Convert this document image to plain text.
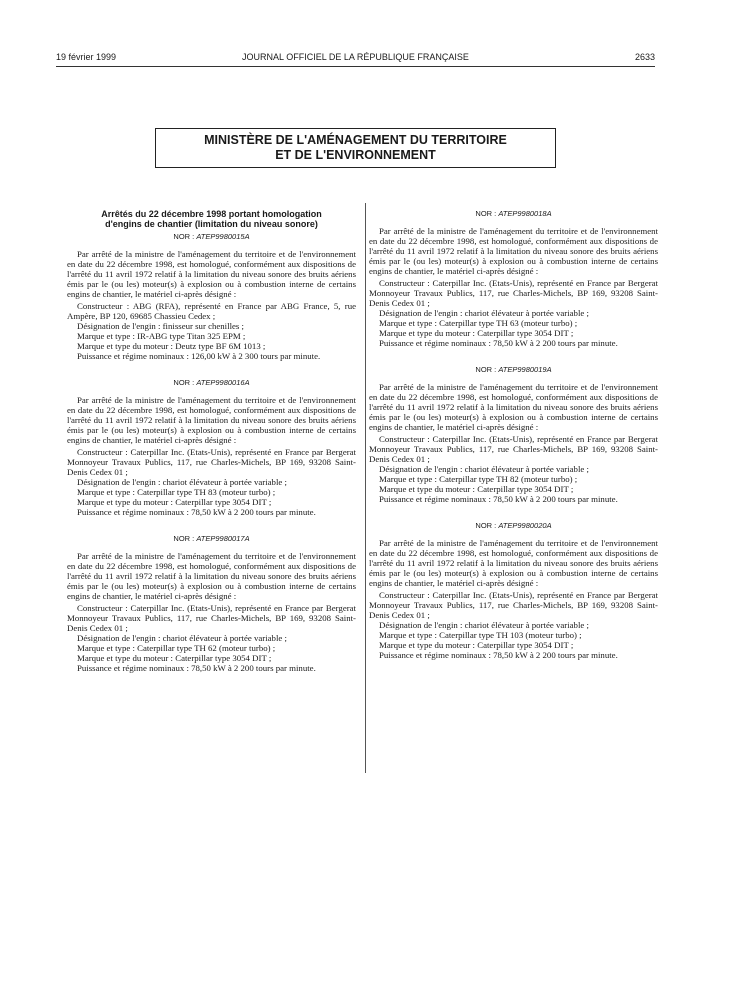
19 février 1999	JOURNAL OFFICIEL DE LA RÉPUBLIQUE FRANÇAISE	2633
MINISTÈRE DE L'AMÉNAGEMENT DU TERRITOIRE
ET DE L'ENVIRONNEMENT
Arrêtés du 22 décembre 1998 portant homologation
d'engins de chantier (limitation du niveau sonore)
NOR : ATEP9980015A

Par arrêté de la ministre de l'aménagement du territoire et de l'environnement en date du 22 décembre 1998, est homologué, conformément aux dispositions de l'arrêté du 11 avril 1972 relatif à la limitation du niveau sonore des bruits aériens émis par le (ou les) moteur(s) à explosion ou à combustion interne de certains engins de chantier, le matériel ci-après désigné :

Constructeur : ABG (RFA), représenté en France par ABG France, 5, rue Ampère, BP 120, 69685 Chassieu Cedex ;

Désignation de l'engin : finisseur sur chenilles ;

Marque et type : IR-ABG type Titan 325 EPM ;

Marque et type du moteur : Deutz type BF 6M 1013 ;

Puissance et régime nominaux : 126,00 kW à 2 300 tours par minute.

NOR : ATEP9980016A

Par arrêté de la ministre de l'aménagement du territoire et de l'environnement en date du 22 décembre 1998, est homologué, conformément aux dispositions de l'arrêté du 11 avril 1972 relatif à la limitation du niveau sonore des bruits aériens émis par le (ou les) moteur(s) à explosion ou à combustion interne de certains engins de chantier, le matériel ci-après désigné :

Constructeur : Caterpillar Inc. (Etats-Unis), représenté en France par Bergerat Monnoyeur Travaux Publics, 117, rue Charles-Michels, BP 169, 93208 Saint-Denis Cedex 01 ;

Désignation de l'engin : chariot élévateur à portée variable ;

Marque et type : Caterpillar type TH 83 (moteur turbo) ;

Marque et type du moteur : Caterpillar type 3054 DIT ;

Puissance et régime nominaux : 78,50 kW à 2 200 tours par minute.

NOR : ATEP9980017A

Par arrêté de la ministre de l'aménagement du territoire et de l'environnement en date du 22 décembre 1998, est homologué, conformément aux dispositions de l'arrêté du 11 avril 1972 relatif à la limitation du niveau sonore des bruits aériens émis par le (ou les) moteur(s) à explosion ou à combustion interne de certains engins de chantier, le matériel ci-après désigné :

Constructeur : Caterpillar Inc. (Etats-Unis), représenté en France par Bergerat Monnoyeur Travaux Publics, 117, rue Charles-Michels, BP 169, 93208 Saint-Denis Cedex 01 ;

Désignation de l'engin : chariot élévateur à portée variable ;

Marque et type : Caterpillar type TH 62 (moteur turbo) ;

Marque et type du moteur : Caterpillar type 3054 DIT ;

Puissance et régime nominaux : 78,50 kW à 2 200 tours par minute.

NOR : ATEP9980018A

Par arrêté de la ministre de l'aménagement du territoire et de l'environnement en date du 22 décembre 1998, est homologué, conformément aux dispositions de l'arrêté du 11 avril 1972 relatif à la limitation du niveau sonore des bruits aériens émis par le (ou les) moteur(s) à explosion ou à combustion interne de certains engins de chantier, le matériel ci-après désigné :

Constructeur : Caterpillar Inc. (Etats-Unis), représenté en France par Bergerat Monnoyeur Travaux Publics, 117, rue Charles-Michels, BP 169, 93208 Saint-Denis Cedex 01 ;

Désignation de l'engin : chariot élévateur à portée variable ;

Marque et type : Caterpillar type TH 63 (moteur turbo) ;

Marque et type du moteur : Caterpillar type 3054 DIT ;

Puissance et régime nominaux : 78,50 kW à 2 200 tours par minute.

NOR : ATEP9980019A

Par arrêté de la ministre de l'aménagement du territoire et de l'environnement en date du 22 décembre 1998, est homologué, conformément aux dispositions de l'arrêté du 11 avril 1972 relatif à la limitation du niveau sonore des bruits aériens émis par le (ou les) moteur(s) à explosion ou à combustion interne de certains engins de chantier, le matériel ci-après désigné :

Constructeur : Caterpillar Inc. (Etats-Unis), représenté en France par Bergerat Monnoyeur Travaux Publics, 117, rue Charles-Michels, BP 169, 93208 Saint-Denis Cedex 01 ;

Désignation de l'engin : chariot élévateur à portée variable ;

Marque et type : Caterpillar type TH 82 (moteur turbo) ;

Marque et type du moteur : Caterpillar type 3054 DIT ;

Puissance et régime nominaux : 78,50 kW à 2 200 tours par minute.

NOR : ATEP9980020A

Par arrêté de la ministre de l'aménagement du territoire et de l'environnement en date du 22 décembre 1998, est homologué, conformément aux dispositions de l'arrêté du 11 avril 1972 relatif à la limitation du niveau sonore des bruits aériens émis par le (ou les) moteur(s) à explosion ou à combustion interne de certains engins de chantier, le matériel ci-après désigné :

Constructeur : Caterpillar Inc. (Etats-Unis), représenté en France par Bergerat Monnoyeur Travaux Publics, 117, rue Charles-Michels, BP 169, 93208 Saint-Denis Cedex 01 ;

Désignation de l'engin : chariot élévateur à portée variable ;

Marque et type : Caterpillar type TH 103 (moteur turbo) ;

Marque et type du moteur : Caterpillar type 3054 DIT ;

Puissance et régime nominaux : 78,50 kW à 2 200 tours par minute.
